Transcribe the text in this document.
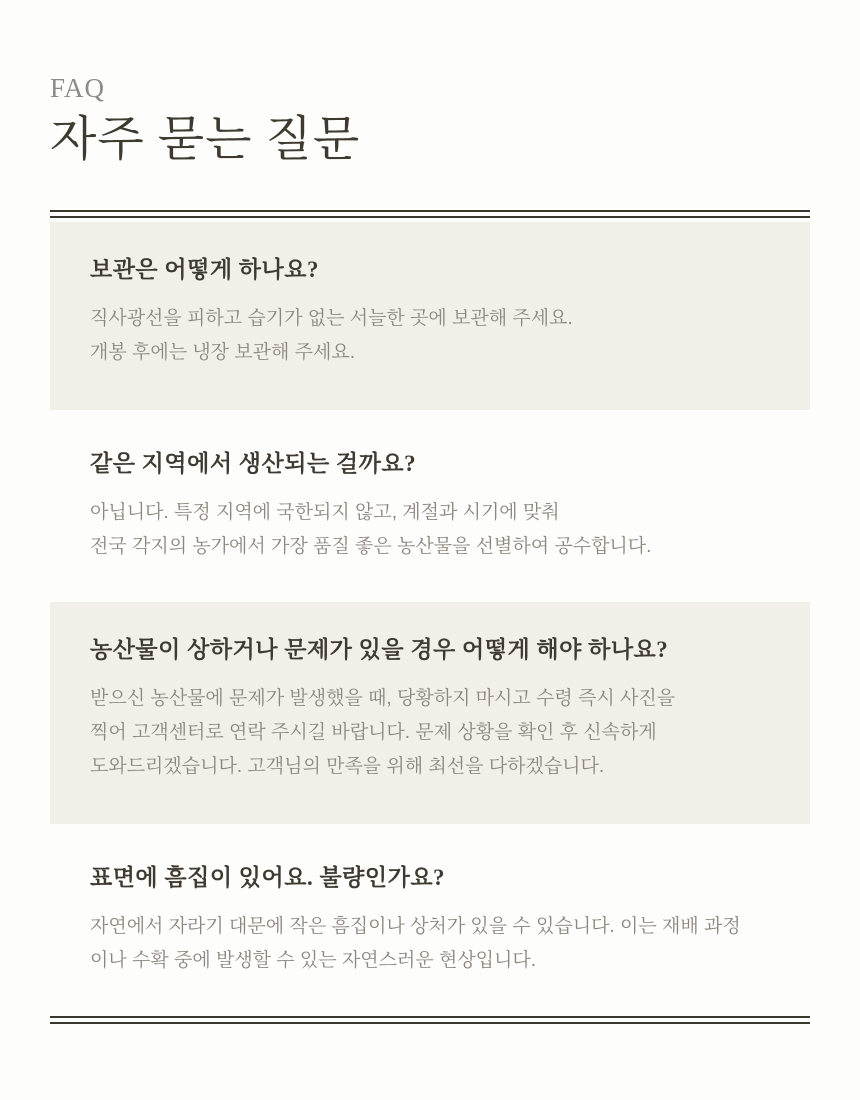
FAQ
자주 묻는 질문
보관은 어떻게 하나요?
직사광선을 피하고 습기가 없는 서늘한 곳에 보관해 주세요.
개봉 후에는 냉장 보관해 주세요.
같은 지역에서 생산되는 걸까요?
아닙니다. 특정 지역에 국한되지 않고, 계절과 시기에 맞춰
전국 각지의 농가에서 가장 품질 좋은 농산물을 선별하여 공수합니다.
농산물이 상하거나 문제가 있을 경우 어떻게 해야 하나요?
받으신 농산물에 문제가 발생했을 때, 당황하지 마시고 수령 즉시 사진을
찍어 고객센터로 연락 주시길 바랍니다. 문제 상황을 확인 후 신속하게
도와드리겠습니다. 고객님의 만족을 위해 최선을 다하겠습니다.
표면에 흠집이 있어요. 불량인가요?
자연에서 자라기 대문에 작은 흠집이나 상처가 있을 수 있습니다. 이는 재배 과정
이나 수확 중에 발생할 수 있는 자연스러운 현상입니다.
